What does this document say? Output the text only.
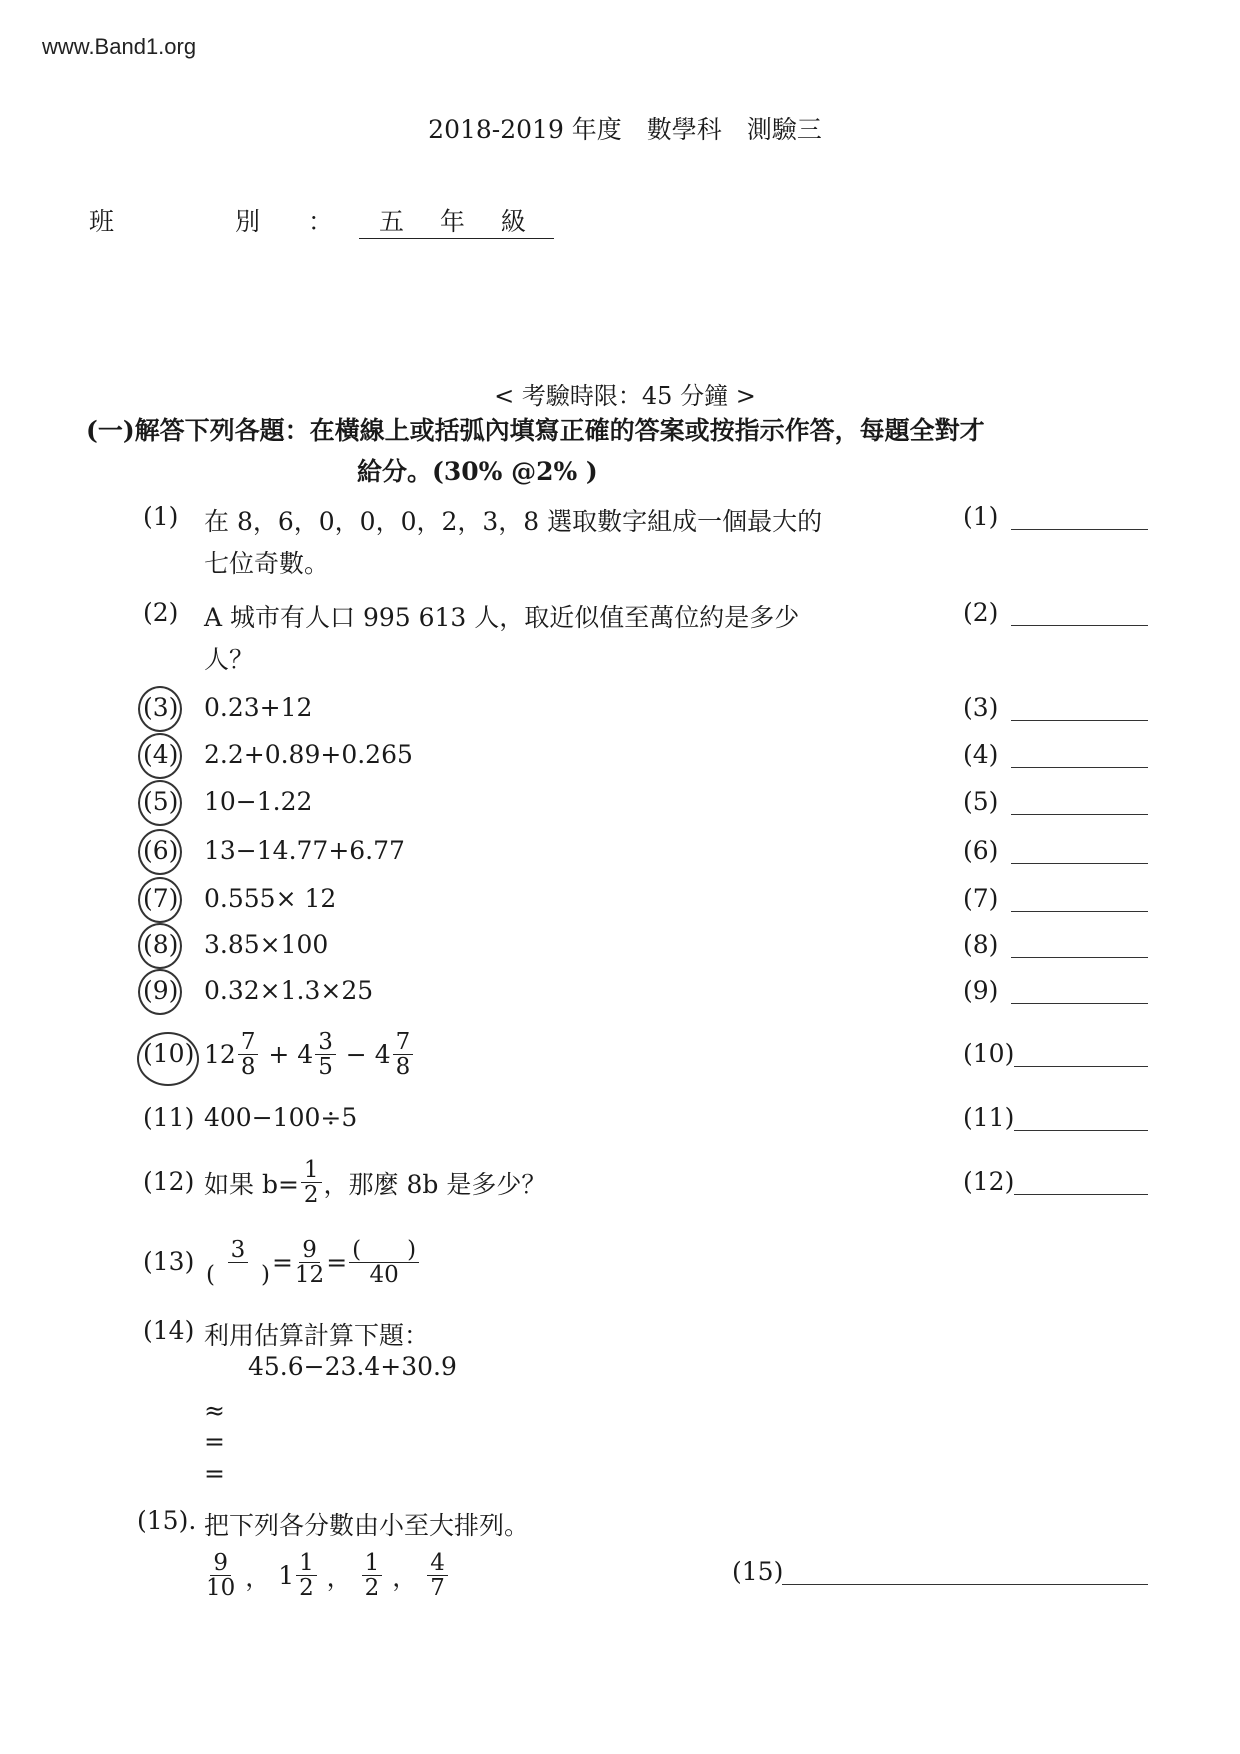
www.Band1.org
2018-2019 年度　數學科　測驗三
班　別： 五 年 級
< 考驗時限：45 分鐘 >
(一)解答下列各題：在橫線上或括弧內填寫正確的答案或按指示作答，每題全對才
給分。(30% @2% )
(1) 在 8，6，0，0，0，2，3，8 選取數字組成一個最大的
七位奇數。
(1)
(2) A 城市有人口 995 613 人，取近似值至萬位約是多少
人？
(2)
(3) 0.23+12	(3)
(4) 2.2+0.89+0.265	(4)
(5) 10−1.22	(5)
(6) 13−14.77+6.77	(6)
(7) 0.555× 12	(7)
(8) 3.85×100	(8)
(9) 0.32×1.3×25	(9)
(10) $12 \frac{7}{8} + 4 \frac{3}{5} - 4 \frac{7}{8}$	(10)
(11) 400−100÷5	(11)
(12) 如果 $b= \frac{1}{2}$ ，那麼 8b 是多少？	(12)
$(13) \frac{3}{( )} = \frac{9}{12} = \frac{( )}{40}$
(14) 利用估算計算下題：
45.6−23.4+30.9
≈
=
=
(15). 把下列各分數由小至大排列。
$\frac{9}{10}$ ， $1 \frac{1}{2}$ ， $\frac{1}{2}$ ， $\frac{4}{7}$	(15)
